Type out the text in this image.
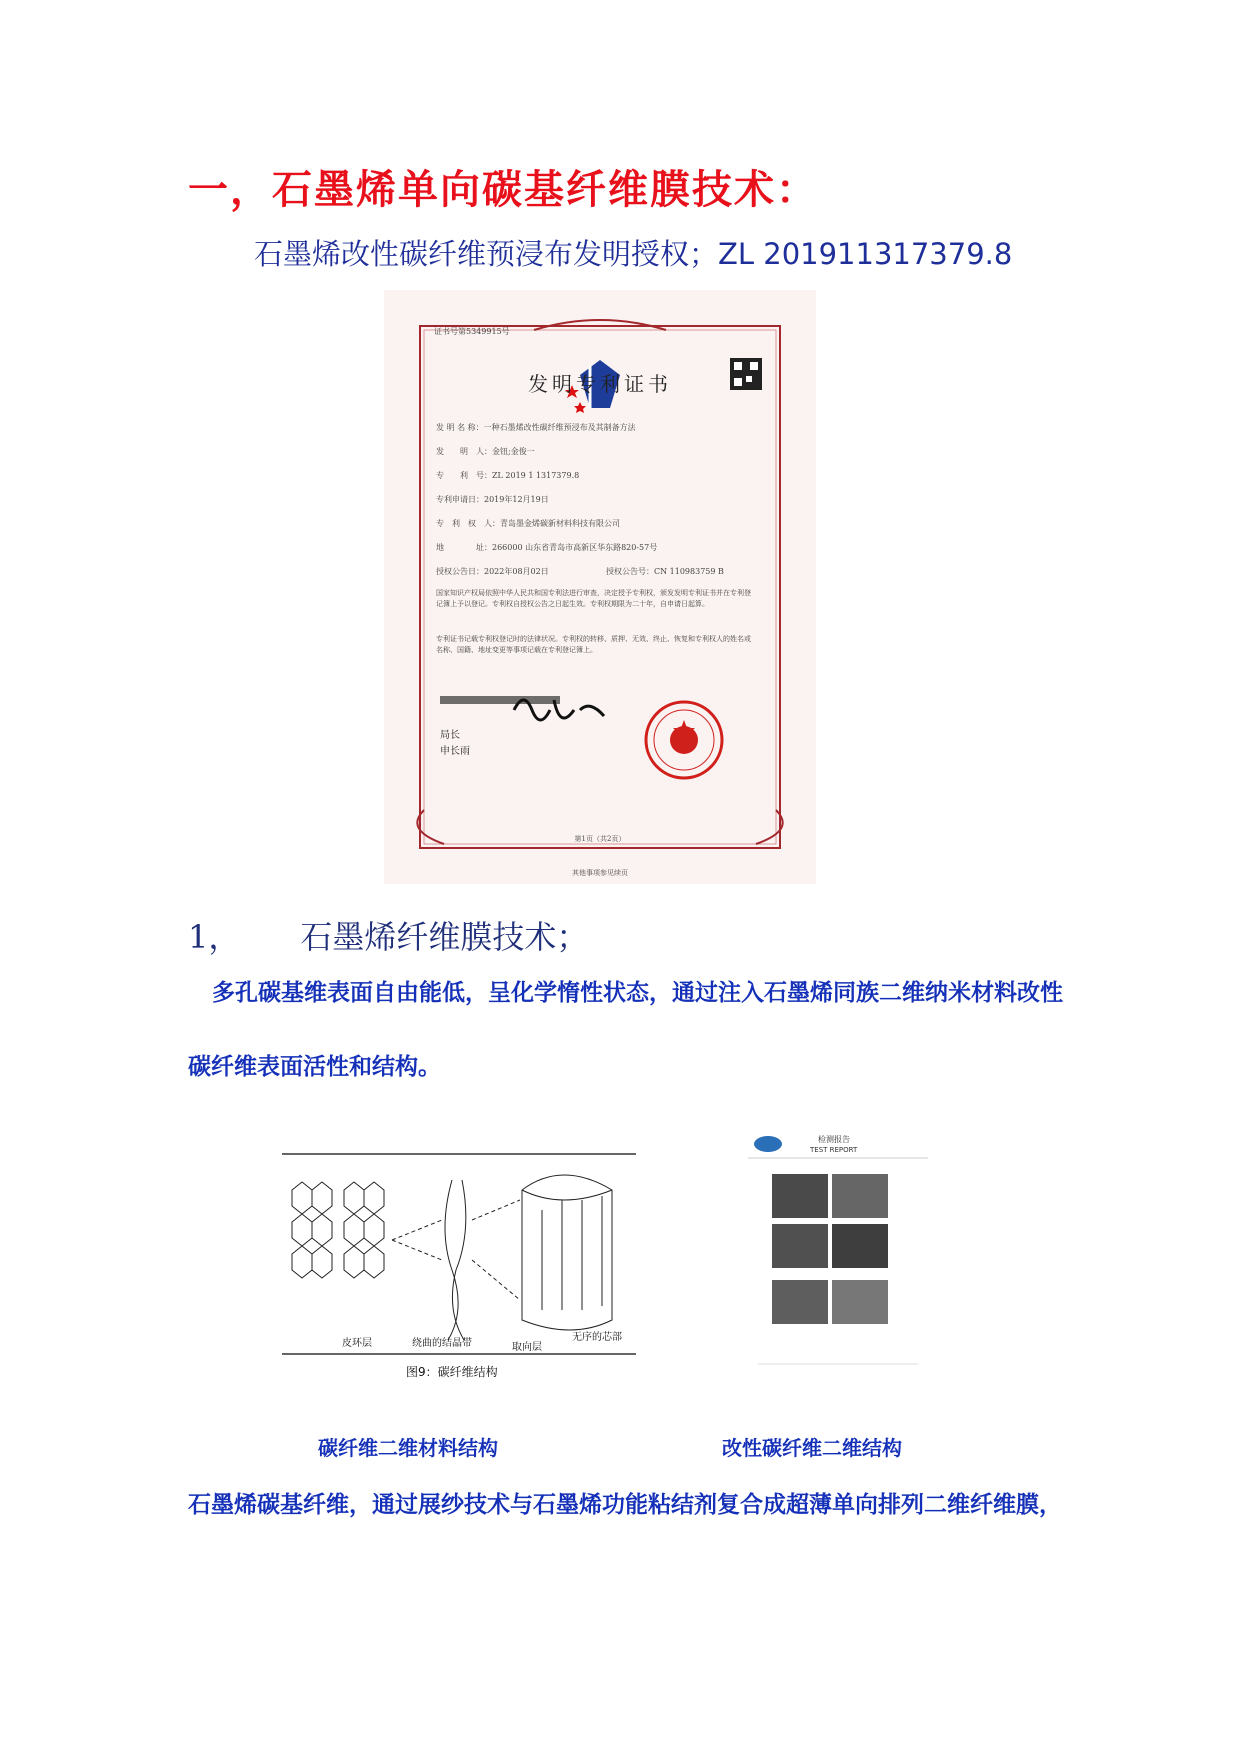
一，石墨烯单向碳基纤维膜技术：
石墨烯改性碳纤维预浸布发明授权；ZL 201911317379.8
证书号第5349915号
发明专利证书
发 明 名 称：一种石墨烯改性碳纤维预浸布及其制备方法
发　　明　人：金钮;金俊一
专　　利　号：ZL 2019 1 1317379.8
专利申请日：2019年12月19日
专　利　权　人：青岛墨金烯碳新材料科技有限公司
地　　　　址：266000 山东省青岛市高新区华东路820-57号
授权公告日：2022年08月02日	授权公告号：CN 110983759 B
国家知识产权局依照中华人民共和国专利法进行审查，决定授予专利权，颁发发明专利证书并在专利登记簿上予以登记。专利权自授权公告之日起生效。专利权期限为二十年，自申请日起算。
专利证书记载专利权登记时的法律状况。专利权的转移、质押、无效、终止、恢复和专利权人的姓名或名称、国籍、地址变更等事项记载在专利登记簿上。
局长
申长雨
第1页（共2页）
其他事项参见续页
1， 石墨烯纤维膜技术；
多孔碳基维表面自由能低，呈化学惰性状态，通过注入石墨烯同族二维纳米材料改性碳纤维表面活性和结构。
皮环层	绕曲的结晶带	取向层
无序的芯部
图9：碳纤维结构
检测报告
TEST REPORT
碳纤维二维材料结构	改性碳纤维二维结构
石墨烯碳基纤维，通过展纱技术与石墨烯功能粘结剂复合成超薄单向排列二维纤维膜，
